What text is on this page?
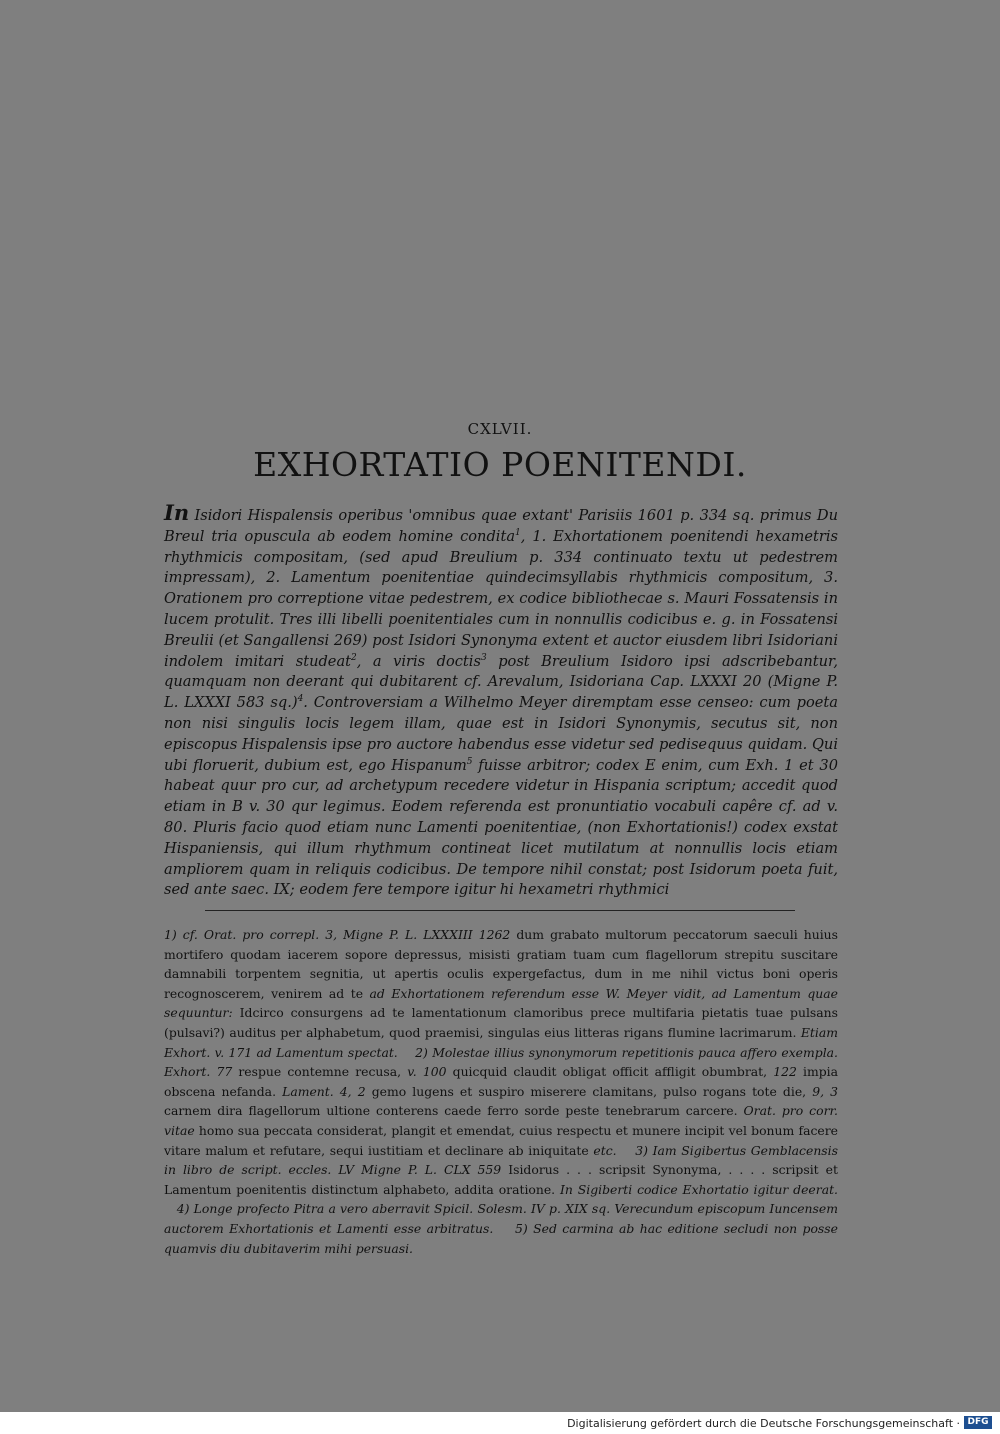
CXLVII.
EXHORTATIO POENITENDI.
In Isidori Hispalensis operibus 'omnibus quae extant' Parisiis 1601 p. 334 sq. primus Du Breul tria opuscula ab eodem homine condita$^1$, 1. Exhortationem poenitendi hexametris rhythmicis compositam, (sed apud Breulium p. 334 continuato textu ut pedestrem impressam), 2. Lamentum poenitentiae quindecimsyllabis rhythmicis compositum, 3. Orationem pro correptione vitae pedestrem, ex codice bibliothecae s. Mauri Fossatensis in lucem protulit. Tres illi libelli poenitentiales cum in nonnullis codicibus e. g. in Fossatensi Breulii (et Sangallensi 269) post Isidori Synonyma extent et auctor eiusdem libri Isidoriani indolem imitari studeat$^2$, a viris doctis$^3$ post Breulium Isidoro ipsi adscribebantur, quamquam non deerant qui dubitarent cf. Arevalum, Isidoriana Cap. LXXXI 20 (Migne P. L. LXXXI 583 sq.)$^4$. Controversiam a Wilhelmo Meyer diremptam esse censeo: cum poeta non nisi singulis locis legem illam, quae est in Isidori Synonymis, secutus sit, non episcopus Hispalensis ipse pro auctore habendus esse videtur sed pedisequus quidam. Qui ubi floruerit, dubium est, ego Hispanum$^5$ fuisse arbitror; codex E enim, cum Exh. 1 et 30 habeat quur pro cur, ad archetypum recedere videtur in Hispania scriptum; accedit quod etiam in B v. 30 qur legimus. Eodem referenda est pronuntiatio vocabuli capêre cf. ad v. 80. Pluris facio quod etiam nunc Lamenti poenitentiae, (non Exhortationis!) codex exstat Hispaniensis, qui illum rhythmum contineat licet mutilatum at nonnullis locis etiam ampliorem quam in reliquis codicibus. De tempore nihil constat; post Isidorum poeta fuit, sed ante saec. IX; eodem fere tempore igitur hi hexametri rhythmici
1) cf. Orat. pro correpl. 3, Migne P. L. LXXXIII 1262 dum grabato multorum peccatorum saeculi huius mortifero quodam iacerem sopore depressus, misisti gratiam tuam cum flagellorum strepitu suscitare damnabili torpentem segnitia, ut apertis oculis expergefactus, dum in me nihil victus boni operis recognoscerem, venirem ad te ad Exhortationem referendum esse W. Meyer vidit, ad Lamentum quae sequuntur: Idcirco consurgens ad te lamentationum clamoribus prece multifaria pietatis tuae pulsans (pulsavi?) auditus per alphabetum, quod praemisi, singulas eius litteras rigans flumine lacrimarum. Etiam Exhort. v. 171 ad Lamentum spectat. 2) Molestae illius synonymorum repetitionis pauca affero exempla. Exhort. 77 respue contemne recusa, v. 100 quicquid claudit obligat officit affligit obumbrat, 122 impia obscena nefanda. Lament. 4, 2 gemo lugens et suspiro miserere clamitans, pulso rogans tote die, 9, 3 carnem dira flagellorum ultione conterens caede ferro sorde peste tenebrarum carcere. Orat. pro corr. vitae homo sua peccata considerat, plangit et emendat, cuius respectu et munere incipit vel bonum facere vitare malum et refutare, sequi iustitiam et declinare ab iniquitate etc. 3) Iam Sigibertus Gemblacensis in libro de script. eccles. LV Migne P. L. CLX 559 Isidorus . . . scripsit Synonyma, . . . . scripsit et Lamentum poenitentis distinctum alphabeto, addita oratione. In Sigiberti codice Exhortatio igitur deerat.    4) Longe profecto Pitra a vero aberravit Spicil. Solesm. IV p. XIX sq. Verecundum episcopum Iuncensem auctorem Exhortationis et Lamenti esse arbitratus. 5) Sed carmina ab hac editione secludi non posse quamvis diu dubitaverim mihi persuasi.
Digitalisierung gefördert durch die Deutsche Forschungsgemeinschaft · DFG
